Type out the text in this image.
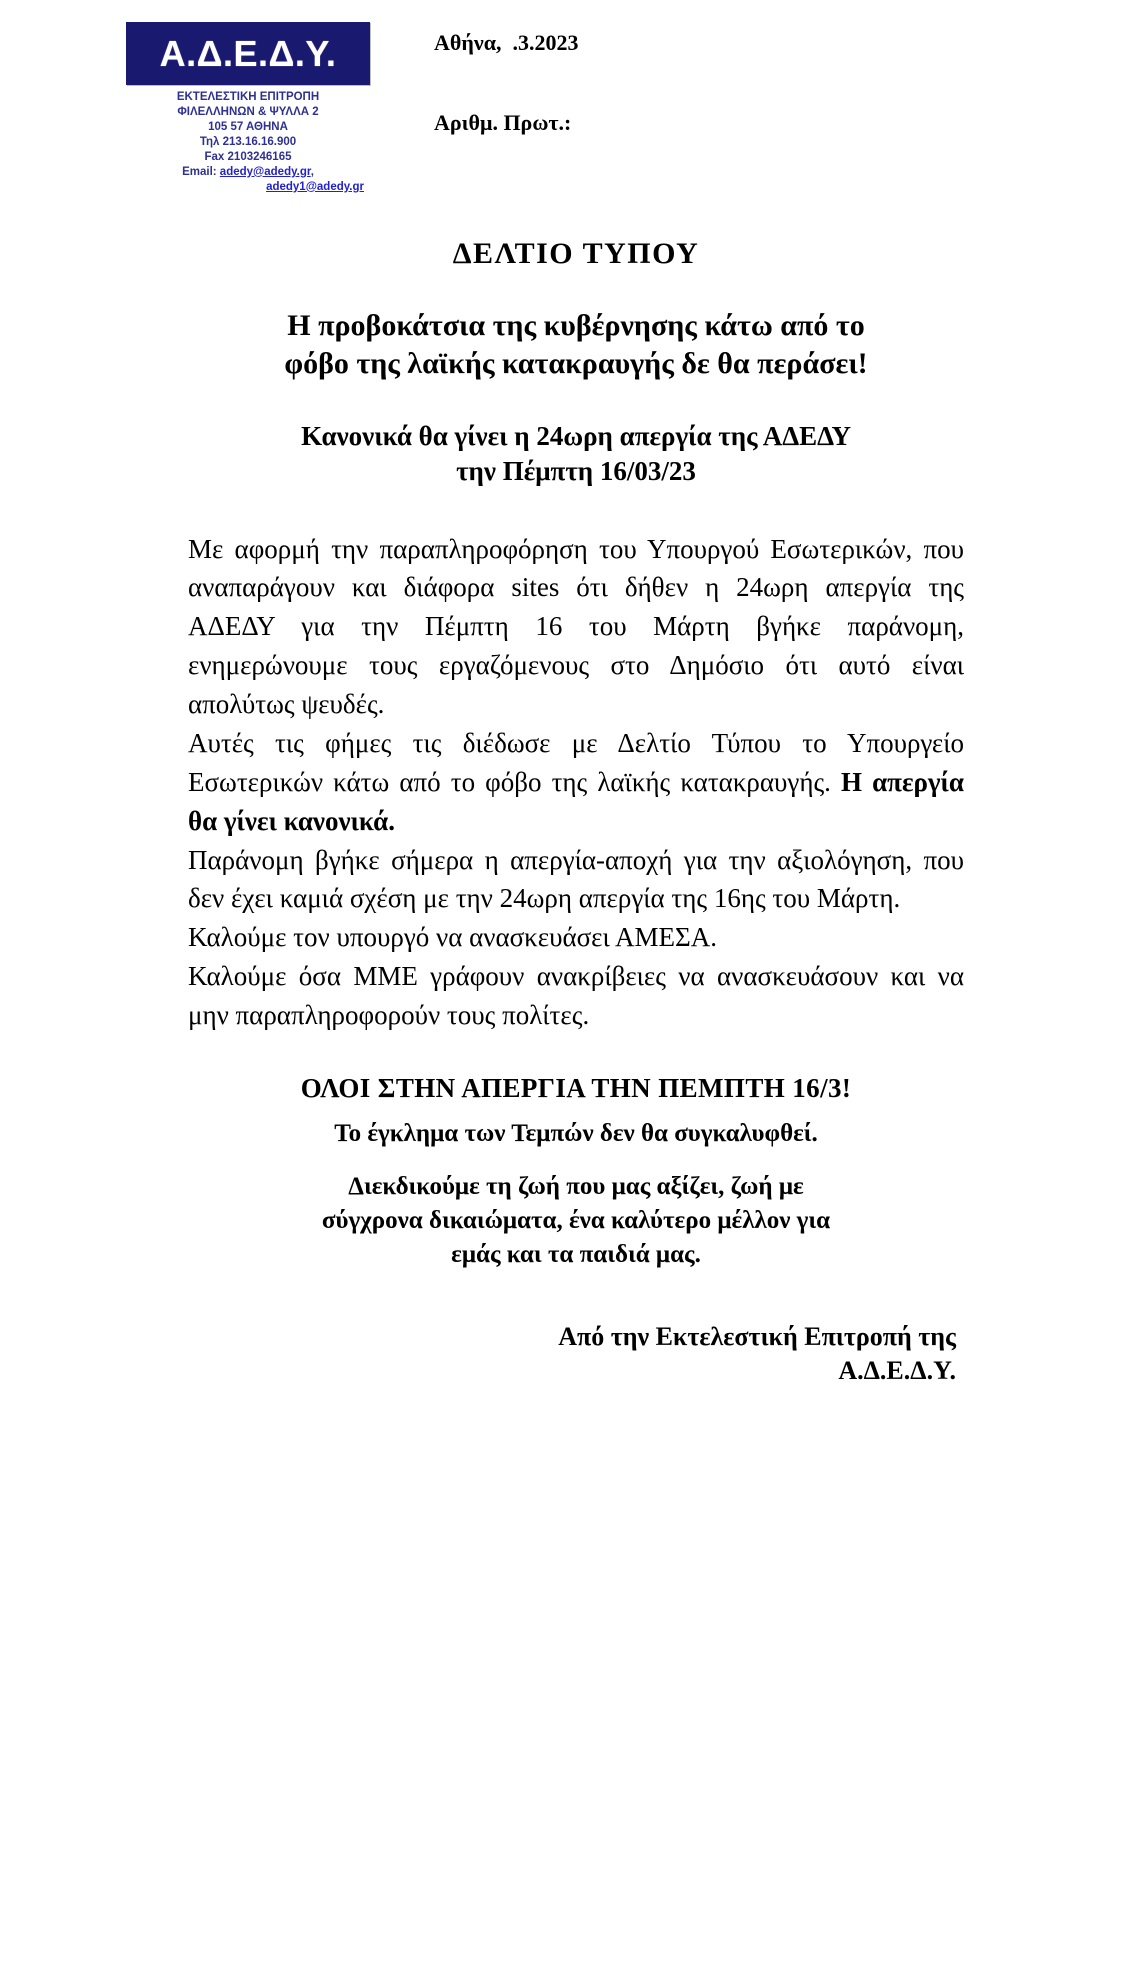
Α.Δ.Ε.Δ.Υ.
ΕΚΤΕΛΕΣΤΙΚΗ ΕΠΙΤΡΟΠΗ
ΦΙΛΕΛΛΗΝΩΝ & ΨΥΛΛΑ 2
105 57 ΑΘΗΝΑ
Τηλ 213.16.16.900
Fax 2103246165
Email: adedy@adedy.gr,
adedy1@adedy.gr
Αθήνα,  .3.2023
Αριθμ. Πρωτ.:
ΔΕΛΤΙΟ ΤΥΠΟΥ
Η προβοκάτσια της κυβέρνησης κάτω από το
φόβο της λαϊκής κατακραυγής δε θα περάσει!
Κανονικά θα γίνει η 24ωρη απεργία της ΑΔΕΔΥ
την Πέμπτη 16/03/23

Με αφορμή την παραπληροφόρηση του Υπουργού Εσωτερικών, που αναπαράγουν και διάφορα sites ότι δήθεν η 24ωρη απεργία της ΑΔΕΔΥ για την Πέμπτη 16 του Μάρτη βγήκε παράνομη, ενημερώνουμε τους εργαζόμενους στο Δημόσιο ότι αυτό είναι απολύτως ψευδές.

Αυτές τις φήμες τις διέδωσε με Δελτίο Τύπου το Υπουργείο Εσωτερικών κάτω από το φόβο της λαϊκής κατακραυγής. Η απεργία θα γίνει κανονικά.

Παράνομη βγήκε σήμερα η απεργία-αποχή για την αξιολόγηση, που δεν έχει καμιά σχέση με την 24ωρη απεργία της 16ης του Μάρτη.

Καλούμε τον υπουργό να ανασκευάσει ΑΜΕΣΑ.

Καλούμε όσα ΜΜΕ γράφουν ανακρίβειες να ανασκευάσουν και να μην παραπληροφορούν τους πολίτες.

ΟΛΟΙ ΣΤΗΝ ΑΠΕΡΓΙΑ ΤΗΝ ΠΕΜΠΤΗ 16/3!
Το έγκλημα των Τεμπών δεν θα συγκαλυφθεί.
Διεκδικούμε τη ζωή που μας αξίζει, ζωή με
σύγχρονα δικαιώματα, ένα καλύτερο μέλλον για
εμάς και τα παιδιά μας.
Από την Εκτελεστική Επιτροπή της
Α.Δ.Ε.Δ.Υ.
